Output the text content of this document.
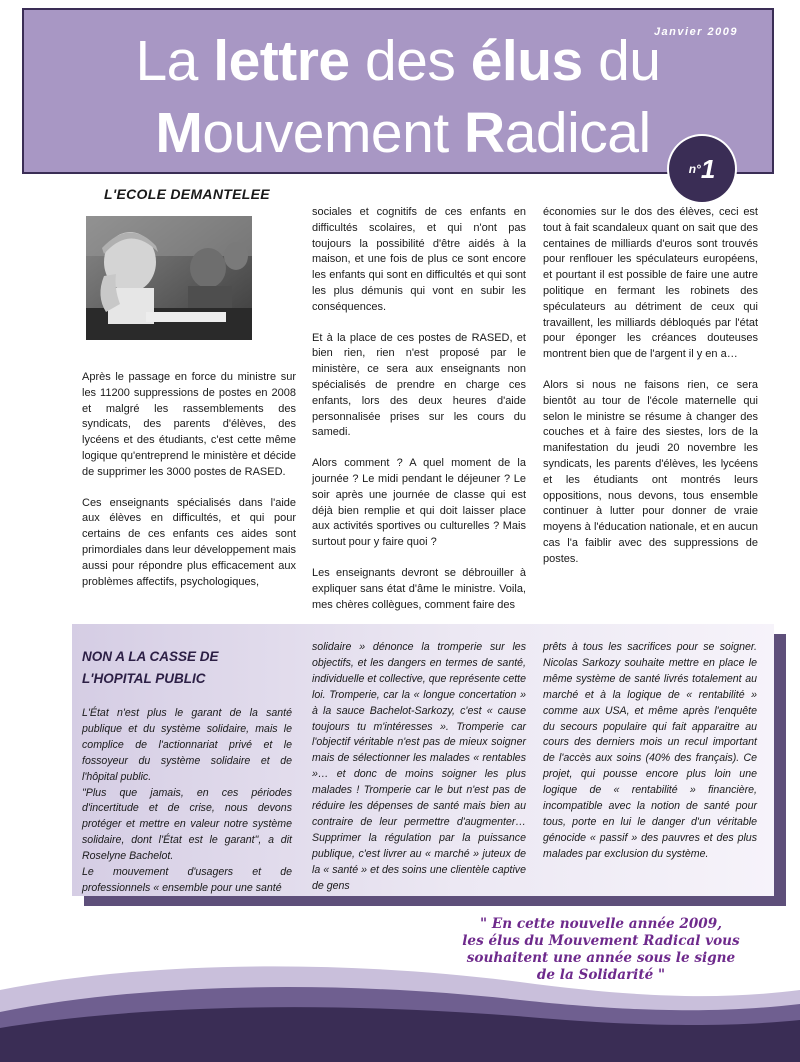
Janvier 2009
La lettre des élus du
Mouvement Radical
n°1
L'ECOLE DEMANTELEE

Après le passage en force du ministre sur les 11200 suppressions de postes en 2008 et malgré les rassemblements des syndicats, des parents d'élèves, des lycéens et des étudiants, c'est cette même logique qu'entreprend le ministère et décide de supprimer les 3000 postes de RASED.

Ces enseignants spécialisés dans l'aide aux élèves en difficultés, et qui pour certains de ces enfants ces aides sont primordiales dans leur développement mais aussi pour répondre plus efficacement aux problèmes affectifs, psychologiques,

sociales et cognitifs de ces enfants en difficultés scolaires, et qui n'ont pas toujours la possibilité d'être aidés à la maison, et une fois de plus ce sont encore les enfants qui sont en difficultés et qui sont les plus démunis qui vont en subir les conséquences.

Et à la place de ces postes de RASED, et bien rien, rien n'est proposé par le ministère, ce sera aux enseignants non spécialisés de prendre en charge ces enfants, lors des deux heures d'aide personnalisée prises sur les cours du samedi.

Alors comment ? A quel moment de la journée ? Le midi pendant le déjeuner ? Le soir après une journée de classe qui est déjà bien remplie et qui doit laisser place aux activités sportives ou culturelles ? Mais surtout pour y faire quoi ?

Les enseignants devront se débrouiller à expliquer sans état d'âme le ministre. Voila, mes chères collègues, comment faire des

économies sur le dos des élèves, ceci est tout à fait scandaleux quant on sait que des centaines de milliards d'euros sont trouvés pour renflouer les spéculateurs européens, et pourtant il est possible de faire une autre politique en fermant les robinets des spéculateurs au détriment de ceux qui travaillent, les milliards débloqués par l'état pour éponger les créances douteuses montrent bien que de l'argent il y en a…

Alors si nous ne faisons rien, ce sera bientôt au tour de l'école maternelle qui selon le ministre se résume à changer des couches et à faire des siestes, lors de la manifestation du jeudi 20 novembre les syndicats, les parents d'élèves, les lycéens et les étudiants ont montrés leurs oppositions, nous devons, tous ensemble continuer à lutter pour donner de vraie moyens à l'éducation nationale, et en aucun cas l'a faiblir avec des suppressions de postes.

NON A LA CASSE DE
L'HOPITAL PUBLIC

L'État n'est plus le garant de la santé publique et du système solidaire, mais le complice de l'actionnariat privé et le fossoyeur du système solidaire et de l'hôpital public.

"Plus que jamais, en ces périodes d'incertitude et de crise, nous devons protéger et mettre en valeur notre système solidaire, dont l'État est le garant", a dit Roselyne Bachelot.

Le mouvement d'usagers et de professionnels « ensemble pour une santé

solidaire » dénonce la tromperie sur les objectifs, et les dangers en termes de santé, individuelle et collective, que représente cette loi. Tromperie, car la « longue concertation » à la sauce Bachelot-Sarkozy, c'est « cause toujours tu m'intéresses ». Tromperie car l'objectif véritable n'est pas de mieux soigner mais de sélectionner les malades « rentables »… et donc de moins soigner les plus malades ! Tromperie car le but n'est pas de réduire les dépenses de santé mais bien au contraire de leur permettre d'augmenter… Supprimer la régulation par la puissance publique, c'est livrer au « marché » juteux de la « santé » et des soins une clientèle captive de gens

prêts à tous les sacrifices pour se soigner. Nicolas Sarkozy souhaite mettre en place le même système de santé livrés totalement au marché et à la logique de « rentabilité » comme aux USA, et même après l'enquête du secours populaire qui fait apparaitre au cours des derniers mois un recul important de l'accès aux soins (40% des français). Ce projet, qui pousse encore plus loin une logique de « rentabilité » financière, incompatible avec la notion de santé pour tous, porte en lui le danger d'un véritable génocide « passif » des pauvres et des plus malades par exclusion du système.

" En cette nouvelle année 2009,
les élus du Mouvement Radical vous
souhaitent une année sous le signe
de la Solidarité "
